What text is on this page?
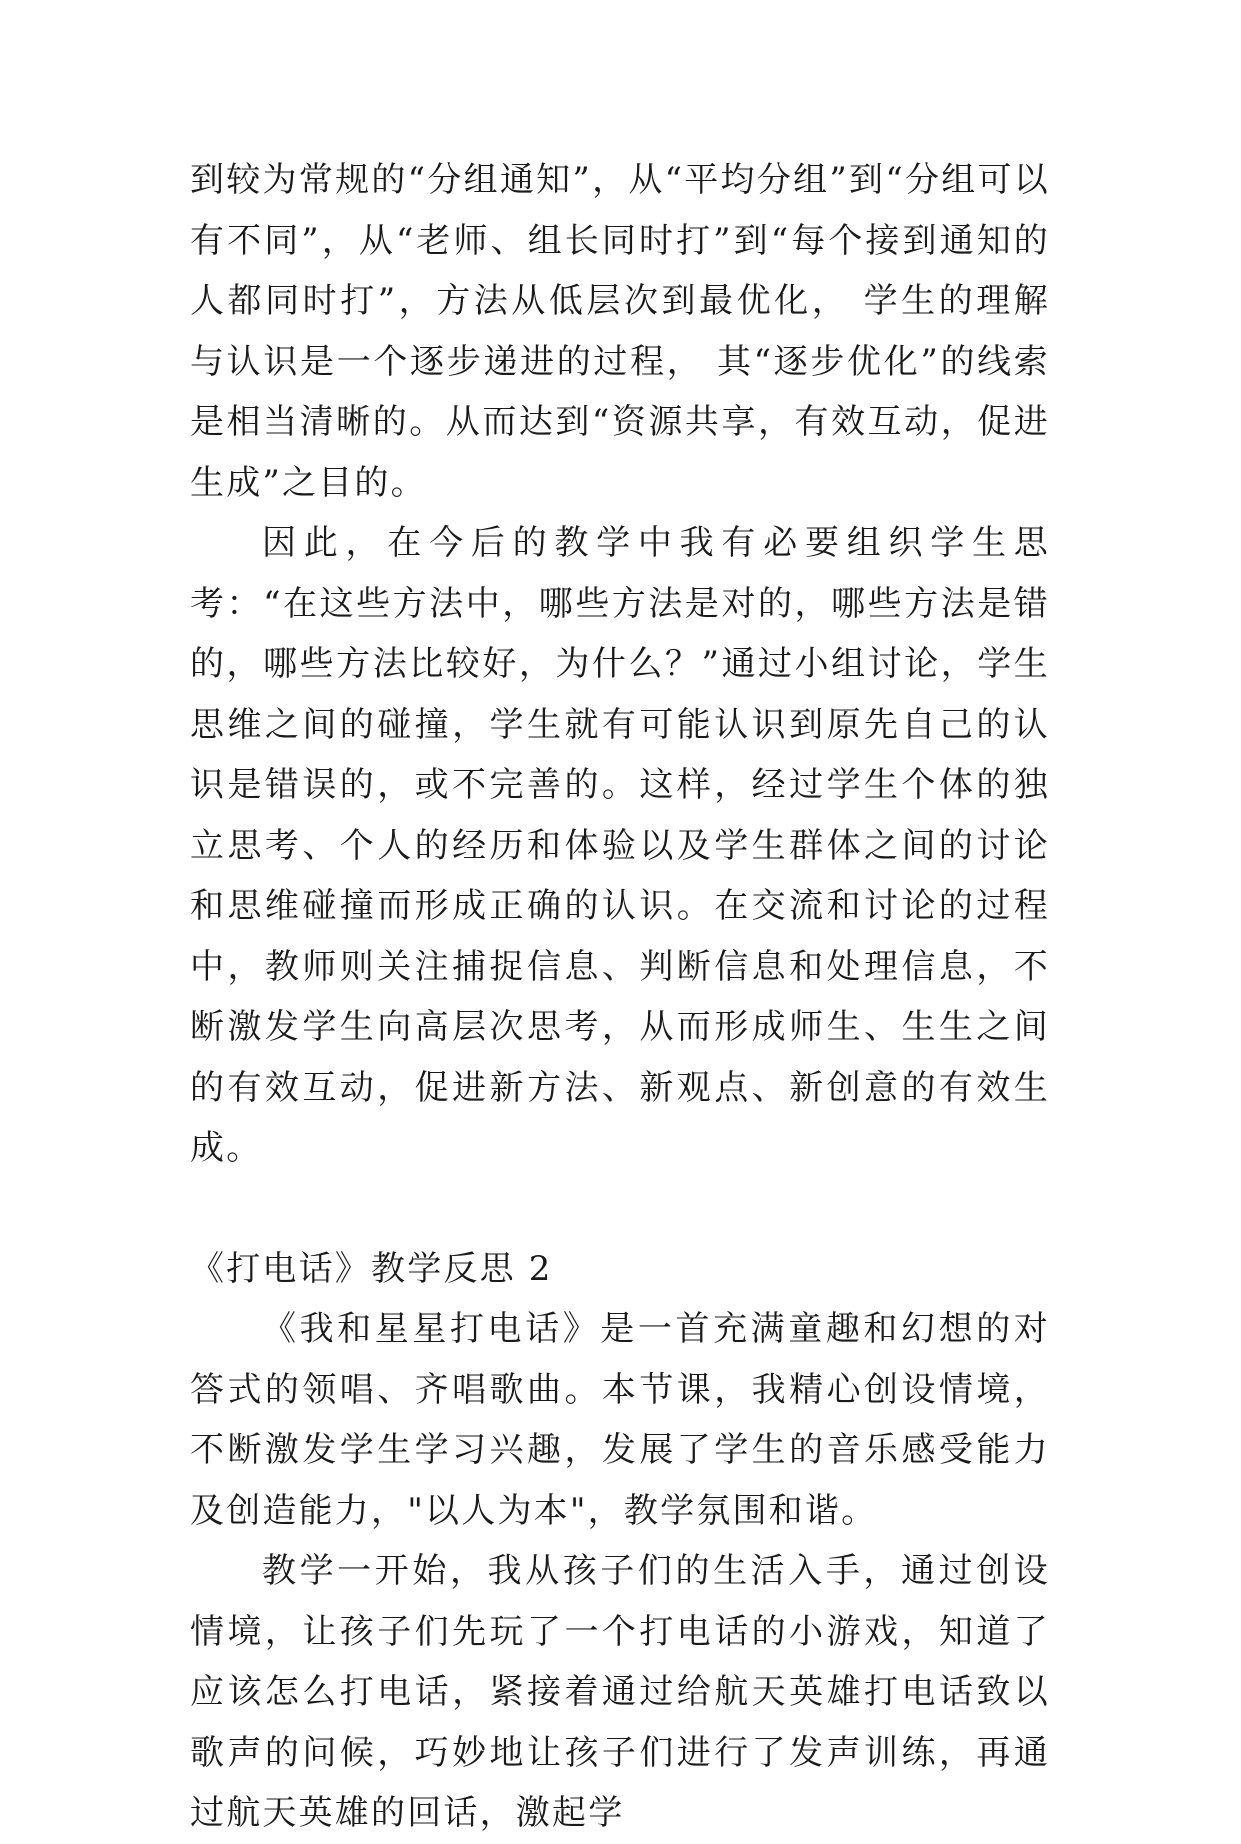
到较为常规的“分组通知”，从“平均分组”到“分组可以有不同”，从“老师、组长同时打”到“每个接到通知的人都同时打”，方法从低层次到最优化， 学生的理解与认识是一个逐步递进的过程， 其“逐步优化”的线索是相当清晰的。从而达到“资源共享，有效互动，促进生成”之目的。

因此，在今后的教学中我有必要组织学生思考：“在这些方法中，哪些方法是对的，哪些方法是错的，哪些方法比较好，为什么？”通过小组讨论，学生思维之间的碰撞，学生就有可能认识到原先自己的认识是错误的，或不完善的。这样，经过学生个体的独立思考、个人的经历和体验以及学生群体之间的讨论和思维碰撞而形成正确的认识。在交流和讨论的过程中，教师则关注捕捉信息、判断信息和处理信息，不断激发学生向高层次思考，从而形成师生、生生之间的有效互动，促进新方法、新观点、新创意的有效生成。

《打电话》教学反思 2

《我和星星打电话》是一首充满童趣和幻想的对答式的领唱、齐唱歌曲。本节课，我精心创设情境，不断激发学生学习兴趣，发展了学生的音乐感受能力及创造能力，"以人为本"，教学氛围和谐。

教学一开始，我从孩子们的生活入手，通过创设情境，让孩子们先玩了一个打电话的小游戏，知道了应该怎么打电话，紧接着通过给航天英雄打电话致以歌声的问候，巧妙地让孩子们进行了发声训练，再通过航天英雄的回话，激起学
